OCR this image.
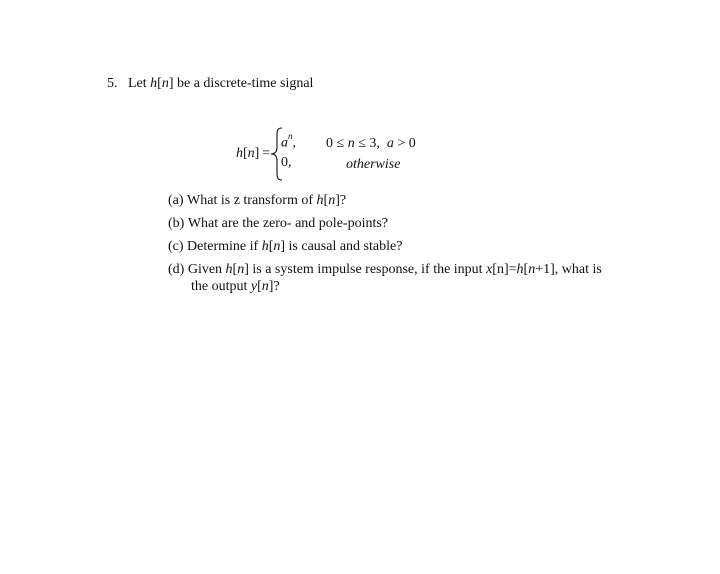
5. Let h[n] be a discrete-time signal
h[n] =
$a^n$, 0 ≤ n ≤ 3, a > 0
0,	otherwise
(a) What is z transform of h[n]?
(b) What are the zero- and pole-points?
(c) Determine if h[n] is causal and stable?
(d) Given h[n] is a system impulse response, if the input x[n]=h[n+1], what is
the output y[n]?
